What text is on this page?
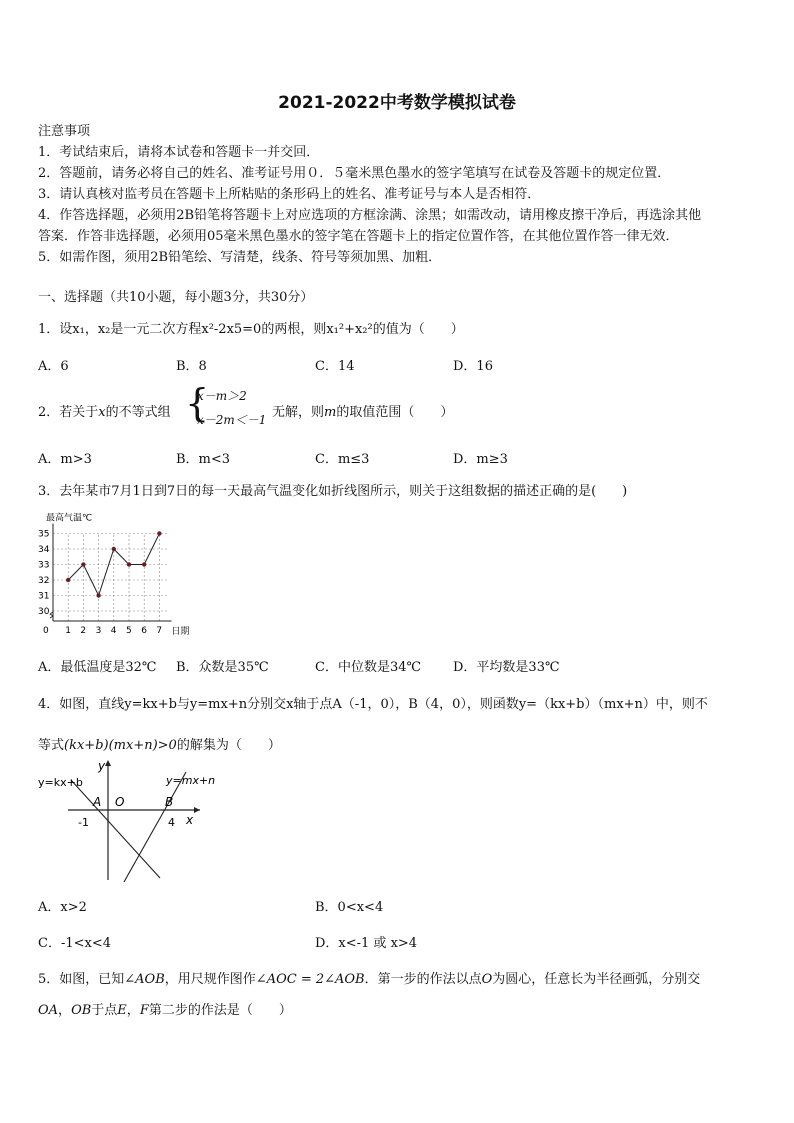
2021-2022中考数学模拟试卷
注意事项
1．考试结束后，请将本试卷和答题卡一并交回．
2．答题前，请务必将自己的姓名、准考证号用０．５毫米黑色墨水的签字笔填写在试卷及答题卡的规定位置．
3．请认真核对监考员在答题卡上所粘贴的条形码上的姓名、准考证号与本人是否相符．
4．作答选择题，必须用2B铅笔将答题卡上对应选项的方框涂满、涂黑；如需改动，请用橡皮擦干净后，再选涂其他
答案．作答非选择题，必须用05毫米黑色墨水的签字笔在答题卡上的指定位置作答，在其他位置作答一律无效．
5．如需作图，须用2B铅笔绘、写清楚，线条、符号等须加黑、加粗．
一、选择题（共10小题，每小题3分，共30分）
1．设x₁，x₂是一元二次方程x²-2x5=0的两根，则x₁²+x₂²的值为（　　）
A．6	B．8	C．14	D．16
2．若关于x的不等式组 {
x－m＞2
x－2m＜－1 无解，则m的取值范围（　　）
A．m>3	B．m<3	C．m≤3	D．m≥3
3．去年某市7月1日到7日的每一天最高气温变化如折线图所示，则关于这组数据的描述正确的是(　　)
最高气温℃
日期
0
30
31
32
33
34
35
1 2 3 4 5 6 7
A．最低温度是32℃ B．众数是35℃	C．中位数是34℃ D．平均数是33℃
4．如图，直线y=kx+b与y=mx+n分别交x轴于点A（-1，0），B（4，0），则函数y=（kx+b）（mx+n）中，则不
等式(kx+b)(mx+n)>0的解集为（　　）
y=kx+b	y=mx+n
y
x
A O	B
-1	4
A．x>2	B．0<x<4
C．-1<x<4	D．x<-1 或 x>4
5．如图，已知∠AOB，用尺规作图作∠AOC = 2∠AOB．第一步的作法以点O为圆心，任意长为半径画弧，分别交
OA，OB于点E，F第二步的作法是（　　）
